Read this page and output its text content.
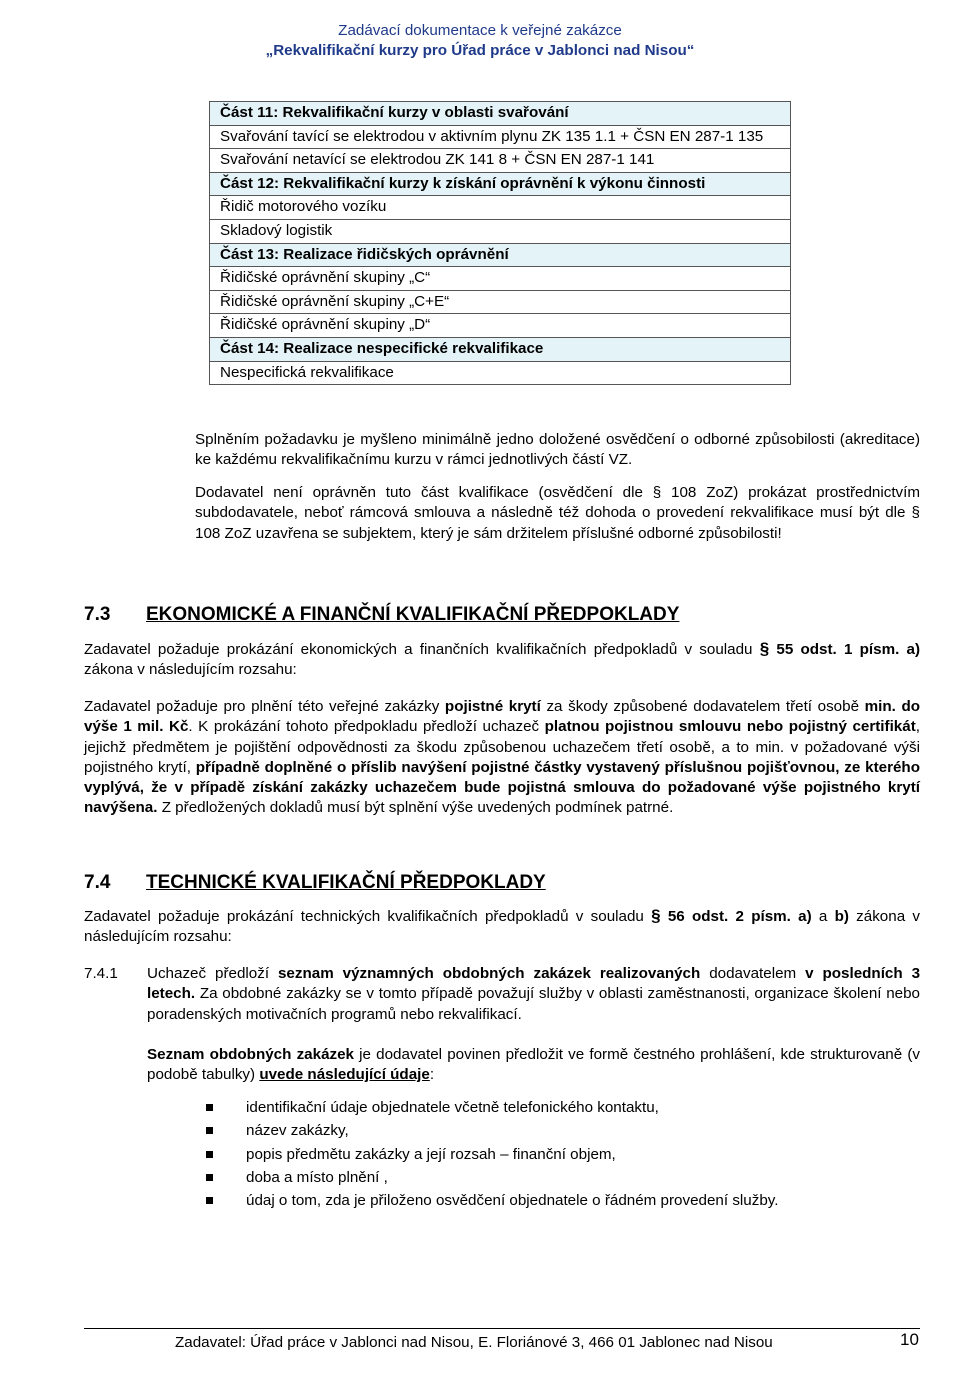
Zadávací dokumentace k veřejné zakázce
„Rekvalifikační kurzy pro Úřad práce v Jablonci nad Nisou“
Část 11: Rekvalifikační kurzy v oblasti svařování
Svařování tavící se elektrodou v aktivním plynu ZK 135 1.1 + ČSN EN 287-1 135
Svařování netavící se elektrodou ZK 141 8 + ČSN EN 287-1 141
Část 12: Rekvalifikační kurzy k získání oprávnění k výkonu činnosti
Řidič motorového vozíku
Skladový logistik
Část 13: Realizace řidičských oprávnění
Řidičské oprávnění skupiny „C“
Řidičské oprávnění skupiny „C+E“
Řidičské oprávnění skupiny „D“
Část 14: Realizace nespecifické rekvalifikace
Nespecifická rekvalifikace
Splněním požadavku je myšleno minimálně jedno doložené osvědčení o odborné způsobilosti (akreditace) ke každému rekvalifikačnímu kurzu v rámci jednotlivých částí VZ.
Dodavatel není oprávněn tuto část kvalifikace (osvědčení dle § 108 ZoZ) prokázat prostřednictvím subdodavatele, neboť rámcová smlouva a následně též dohoda o provedení rekvalifikace musí být dle § 108 ZoZ uzavřena se subjektem, který je sám držitelem příslušné odborné způsobilosti!
7.3 EKONOMICKÉ A FINANČNÍ KVALIFIKAČNÍ PŘEDPOKLADY
Zadavatel požaduje prokázání ekonomických a finančních kvalifikačních předpokladů v souladu § 55 odst. 1 písm. a) zákona v následujícím rozsahu:
Zadavatel požaduje pro plnění této veřejné zakázky pojistné krytí za škody způsobené dodavatelem třetí osobě min. do výše 1 mil. Kč. K prokázání tohoto předpokladu předloží uchazeč platnou pojistnou smlouvu nebo pojistný certifikát, jejichž předmětem je pojištění odpovědnosti za škodu způsobenou uchazečem třetí osobě, a to min. v požadované výši pojistného krytí, případně doplněné o příslib navýšení pojistné částky vystavený příslušnou pojišťovnou, ze kterého vyplývá, že v případě získání zakázky uchazečem bude pojistná smlouva do požadované výše pojistného krytí navýšena. Z předložených dokladů musí být splnění výše uvedených podmínek patrné.
7.4 TECHNICKÉ KVALIFIKAČNÍ PŘEDPOKLADY
Zadavatel požaduje prokázání technických kvalifikačních předpokladů v souladu § 56 odst. 2 písm. a) a b) zákona v následujícím rozsahu:
7.4.1 Uchazeč předloží seznam významných obdobných zakázek realizovaných dodavatelem v posledních 3 letech. Za obdobné zakázky se v tomto případě považují služby v oblasti zaměstnanosti, organizace školení nebo poradenských motivačních programů nebo rekvalifikací.
Seznam obdobných zakázek je dodavatel povinen předložit ve formě čestného prohlášení, kde strukturovaně (v podobě tabulky) uvede následující údaje:
identifikační údaje objednatele včetně telefonického kontaktu,
název zakázky,
popis předmětu zakázky a její rozsah – finanční objem,
doba a místo plnění ,
údaj o tom, zda je přiloženo osvědčení objednatele o řádném provedení služby.
Zadavatel: Úřad práce v Jablonci nad Nisou, E. Floriánové 3, 466 01 Jablonec nad Nisou	10
